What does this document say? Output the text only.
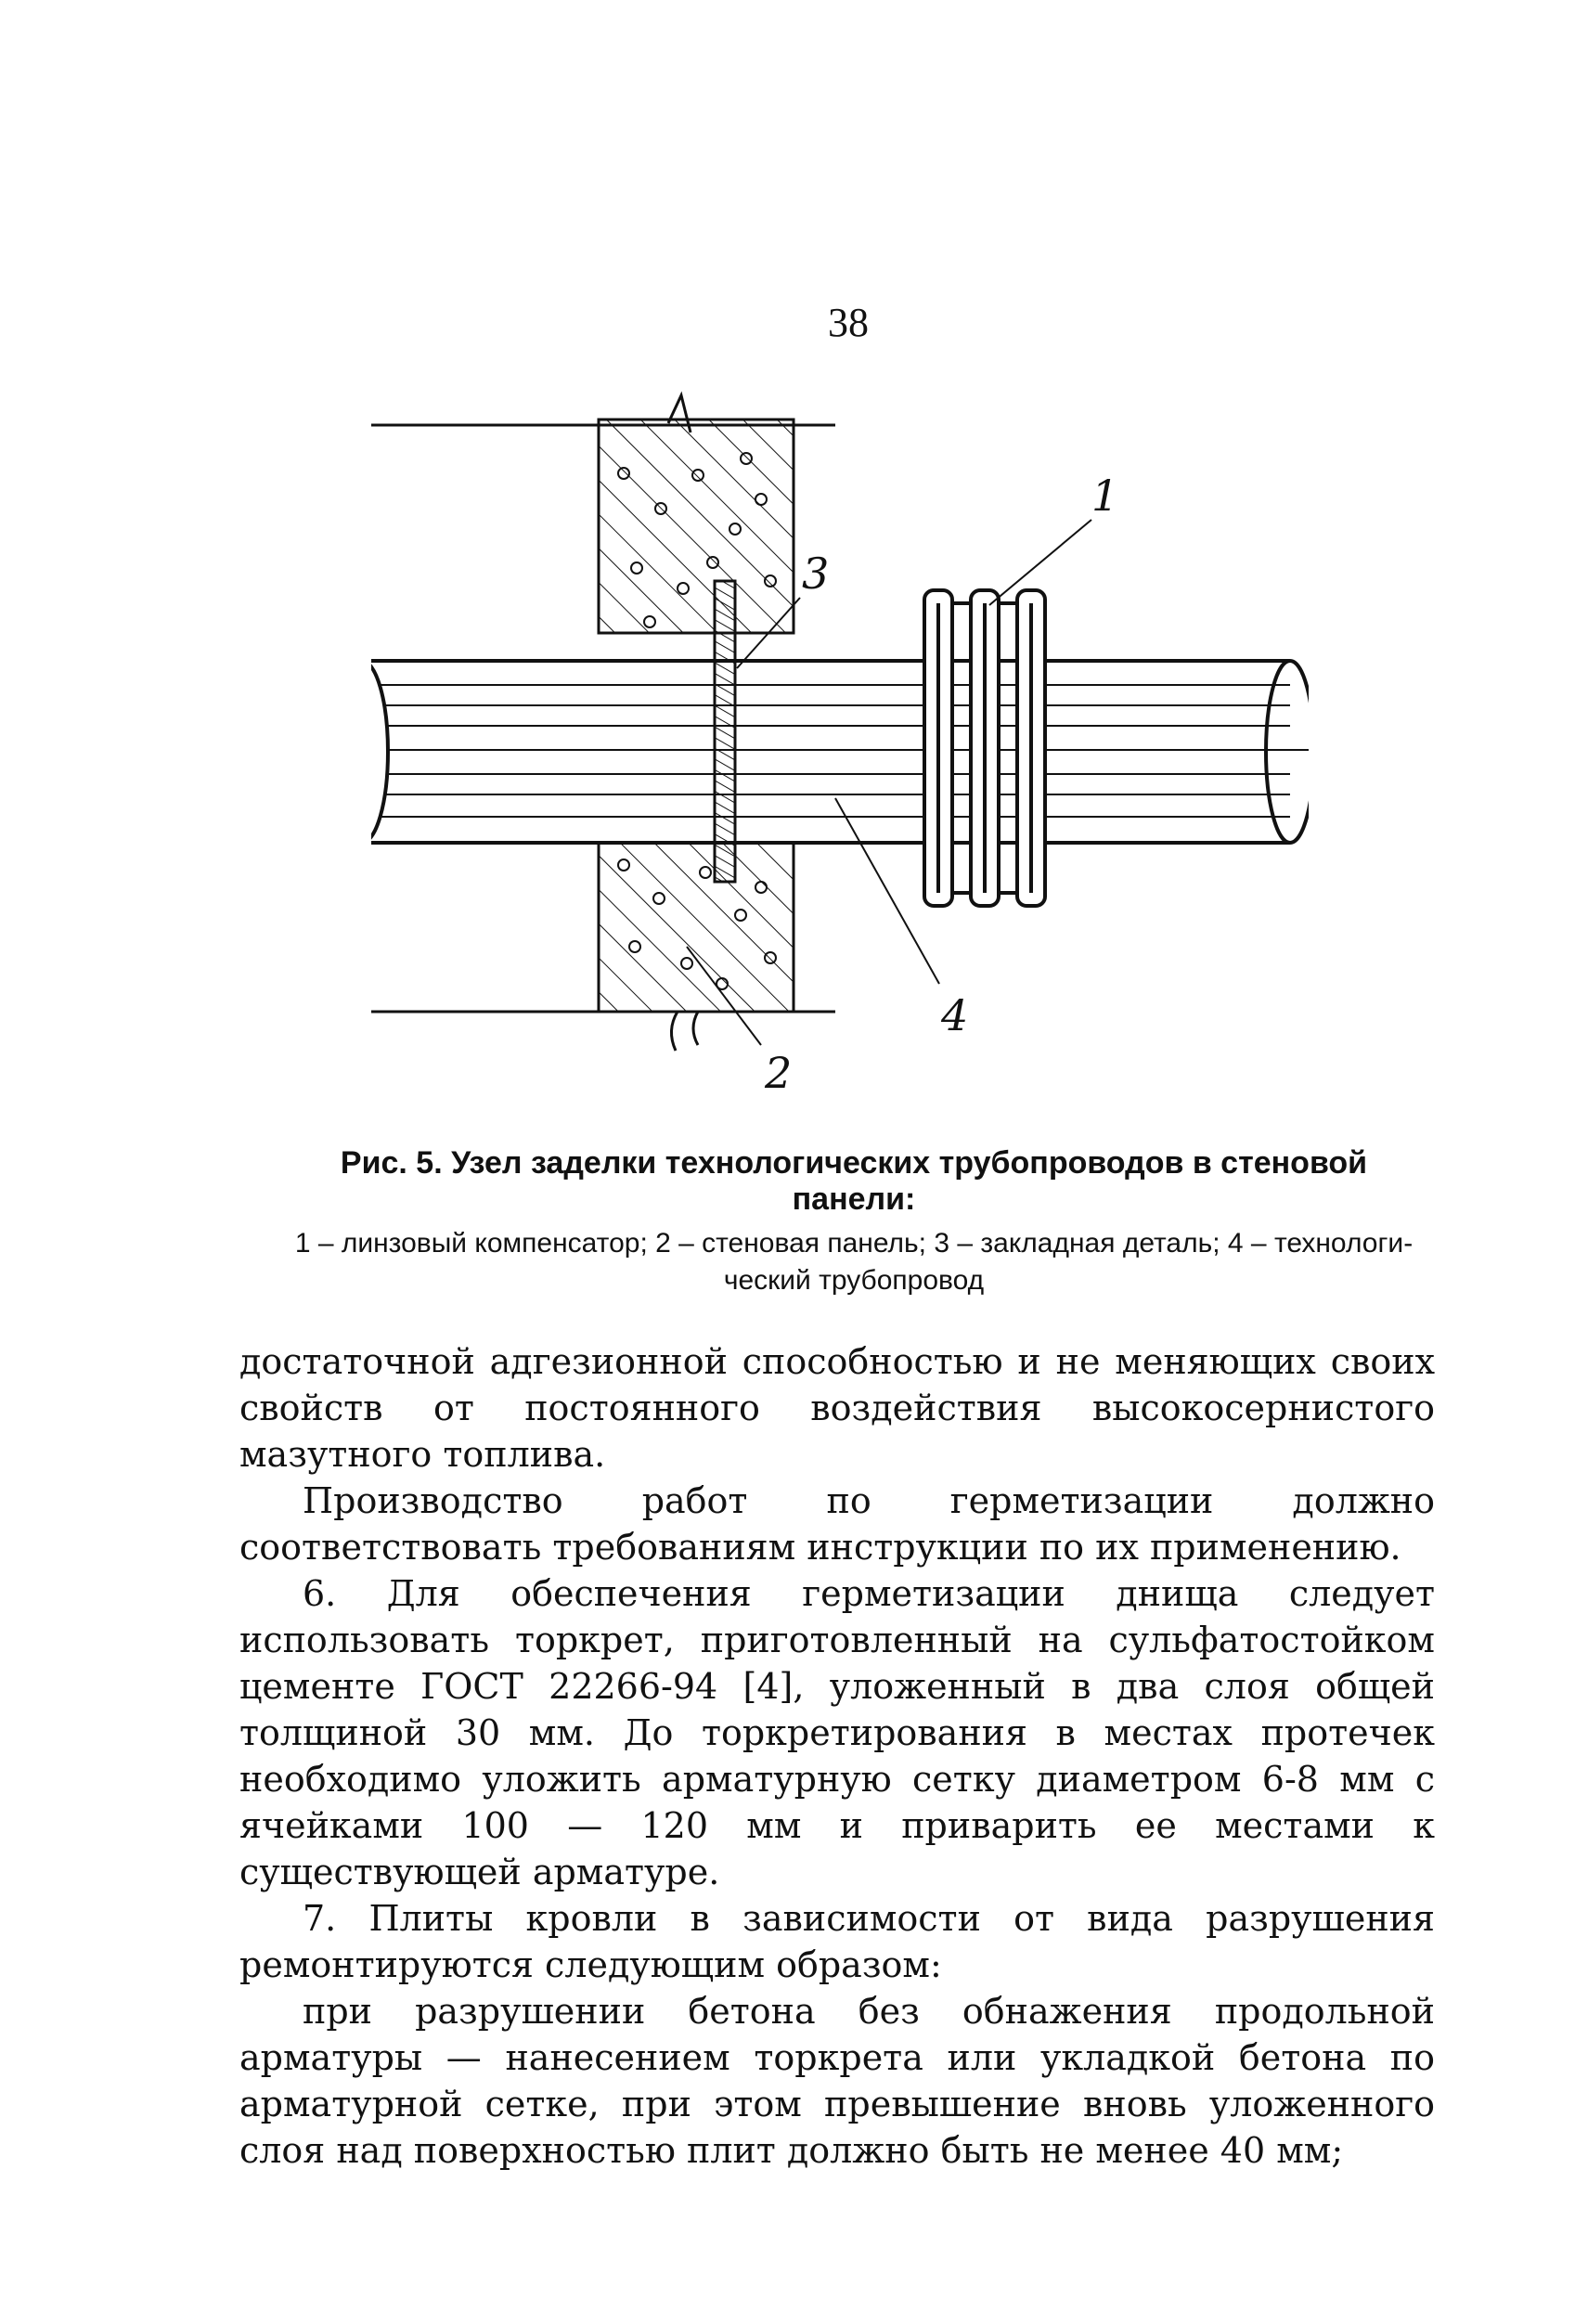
38
1
3
4
2
Рис. 5. Узел заделки технологических трубопроводов в стеновой панели:
1 – линзовый компенсатор; 2 – стеновая панель; 3 – закладная деталь; 4 – технологи-
ческий трубопровод

достаточной адгезионной способностью и не меняющих своих свойств от постоянного воздействия высокосернистого мазутного топлива.

Производство работ по герметизации должно соответствовать требованиям инструкции по их применению.

6. Для обеспечения герметизации днища следует использовать торкрет, приготовленный на сульфатостойком цементе ГОСТ 22266-94 [4], уложенный в два слоя общей толщиной 30 мм. До торкретирования в местах протечек необходимо уложить арматурную сетку диаметром 6-8 мм с ячейками 100 — 120 мм и приварить ее местами к существующей арматуре.

7. Плиты кровли в зависимости от вида разрушения ремонтируются следующим образом:

при разрушении бетона без обнажения продольной арматуры — нанесением торкрета или укладкой бетона по арматурной сетке, при этом превышение вновь уложенного слоя над поверхностью плит должно быть не менее 40 мм;
